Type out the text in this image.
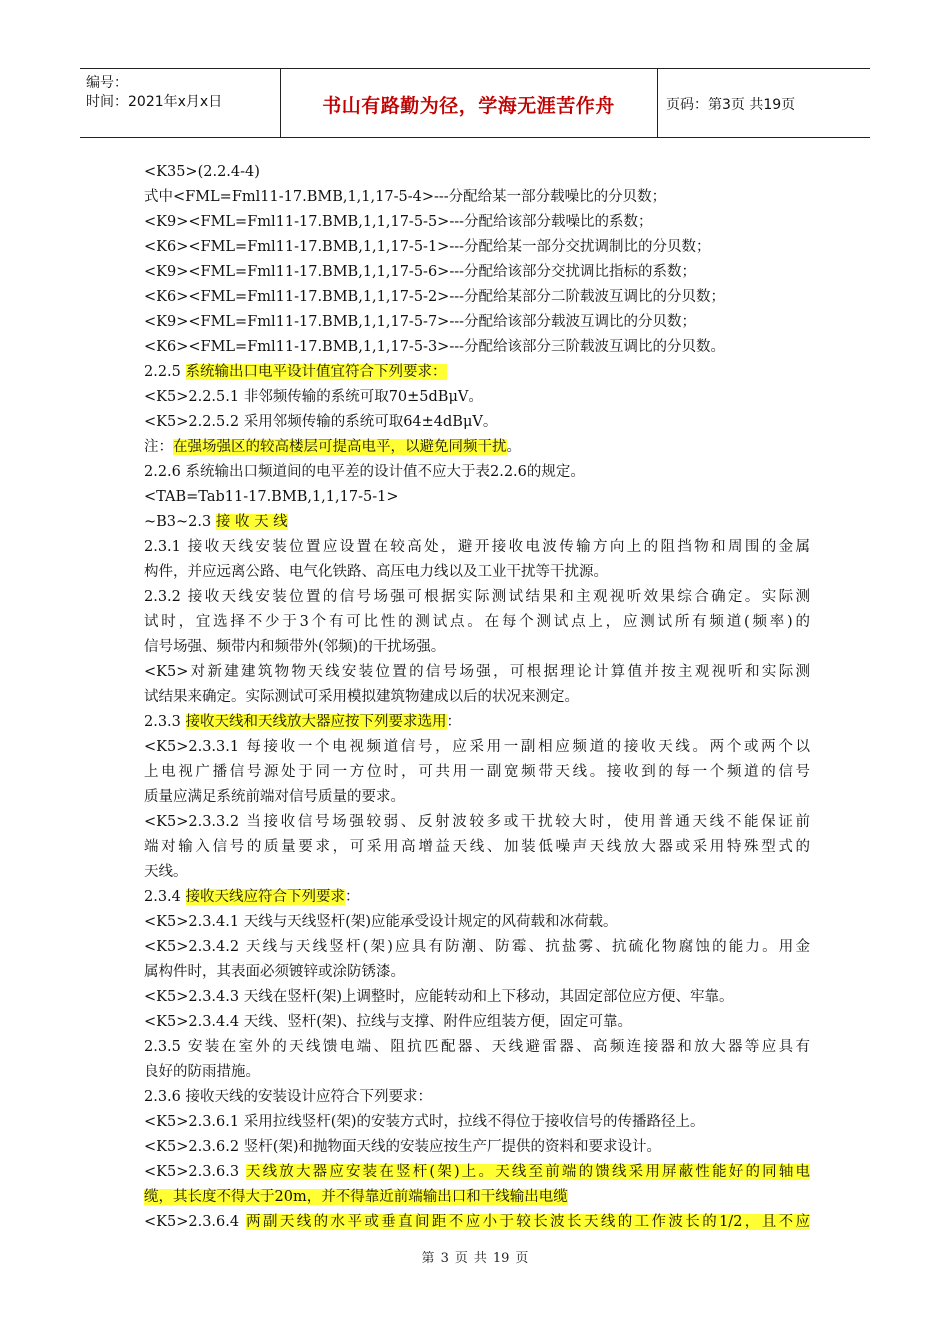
编号：
时间：2021年x月x日	书山有路勤为径，学海无涯苦作舟	页码：第3页 共19页
<K35>(2.2.4-4)
式中<FML=Fml11-17.BMB,1,1,17-5-4>---分配给某一部分载噪比的分贝数；
<K9><FML=Fml11-17.BMB,1,1,17-5-5>---分配给该部分载噪比的系数；
<K6><FML=Fml11-17.BMB,1,1,17-5-1>---分配给某一部分交扰调制比的分贝数；
<K9><FML=Fml11-17.BMB,1,1,17-5-6>---分配给该部分交扰调比指标的系数；
<K6><FML=Fml11-17.BMB,1,1,17-5-2>---分配给某部分二阶载波互调比的分贝数；
<K9><FML=Fml11-17.BMB,1,1,17-5-7>---分配给该部分载波互调比的分贝数；
<K6><FML=Fml11-17.BMB,1,1,17-5-3>---分配给该部分三阶载波互调比的分贝数。
2.2.5 系统输出口电平设计值宜符合下列要求：
<K5>2.2.5.1 非邻频传输的系统可取70±5dBμV。
<K5>2.2.5.2 采用邻频传输的系统可取64±4dBμV。
注：在强场强区的较高楼层可提高电平，以避免同频干扰。
2.2.6 系统输出口频道间的电平差的设计值不应大于表2.2.6的规定。
<TAB=Tab11-17.BMB,1,1,17-5-1>
~B3~2.3 接 收 天 线
2.3.1 接收天线安装位置应设置在较高处，避开接收电波传输方向上的阻挡物和周围的金属
构件，并应远离公路、电气化铁路、高压电力线以及工业干扰等干扰源。
2.3.2 接收天线安装位置的信号场强可根据实际测试结果和主观视听效果综合确定。实际测
试时，宜选择不少于3个有可比性的测试点。在每个测试点上，应测试所有频道(频率)的
信号场强、频带内和频带外(邻频)的干扰场强。
<K5>对新建建筑物物天线安装位置的信号场强，可根据理论计算值并按主观视听和实际测
试结果来确定。实际测试可采用模拟建筑物建成以后的状况来测定。
2.3.3 接收天线和天线放大器应按下列要求选用：
<K5>2.3.3.1 每接收一个电视频道信号，应采用一副相应频道的接收天线。两个或两个以
上电视广播信号源处于同一方位时，可共用一副宽频带天线。接收到的每一个频道的信号
质量应满足系统前端对信号质量的要求。
<K5>2.3.3.2 当接收信号场强较弱、反射波较多或干扰较大时，使用普通天线不能保证前
端对输入信号的质量要求，可采用高增益天线、加装低噪声天线放大器或采用特殊型式的
天线。
2.3.4 接收天线应符合下列要求：
<K5>2.3.4.1 天线与天线竖杆(架)应能承受设计规定的风荷载和冰荷载。
<K5>2.3.4.2 天线与天线竖杆(架)应具有防潮、防霉、抗盐雾、抗硫化物腐蚀的能力。用金
属构件时，其表面必须镀锌或涂防锈漆。
<K5>2.3.4.3 天线在竖杆(架)上调整时，应能转动和上下移动，其固定部位应方便、牢靠。
<K5>2.3.4.4 天线、竖杆(架)、拉线与支撑、附件应组装方便，固定可靠。
2.3.5 安装在室外的天线馈电端、阻抗匹配器、天线避雷器、高频连接器和放大器等应具有
良好的防雨措施。
2.3.6 接收天线的安装设计应符合下列要求：
<K5>2.3.6.1 采用拉线竖杆(架)的安装方式时，拉线不得位于接收信号的传播路径上。
<K5>2.3.6.2 竖杆(架)和抛物面天线的安装应按生产厂提供的资料和要求设计。
<K5>2.3.6.3 天线放大器应安装在竖杆(架)上。天线至前端的馈线采用屏蔽性能好的同轴电
缆，其长度不得大于20m，并不得靠近前端输出口和干线输出电缆
<K5>2.3.6.4 两副天线的水平或垂直间距不应小于较长波长天线的工作波长的1/2，且不应
第 3 页 共 19 页
